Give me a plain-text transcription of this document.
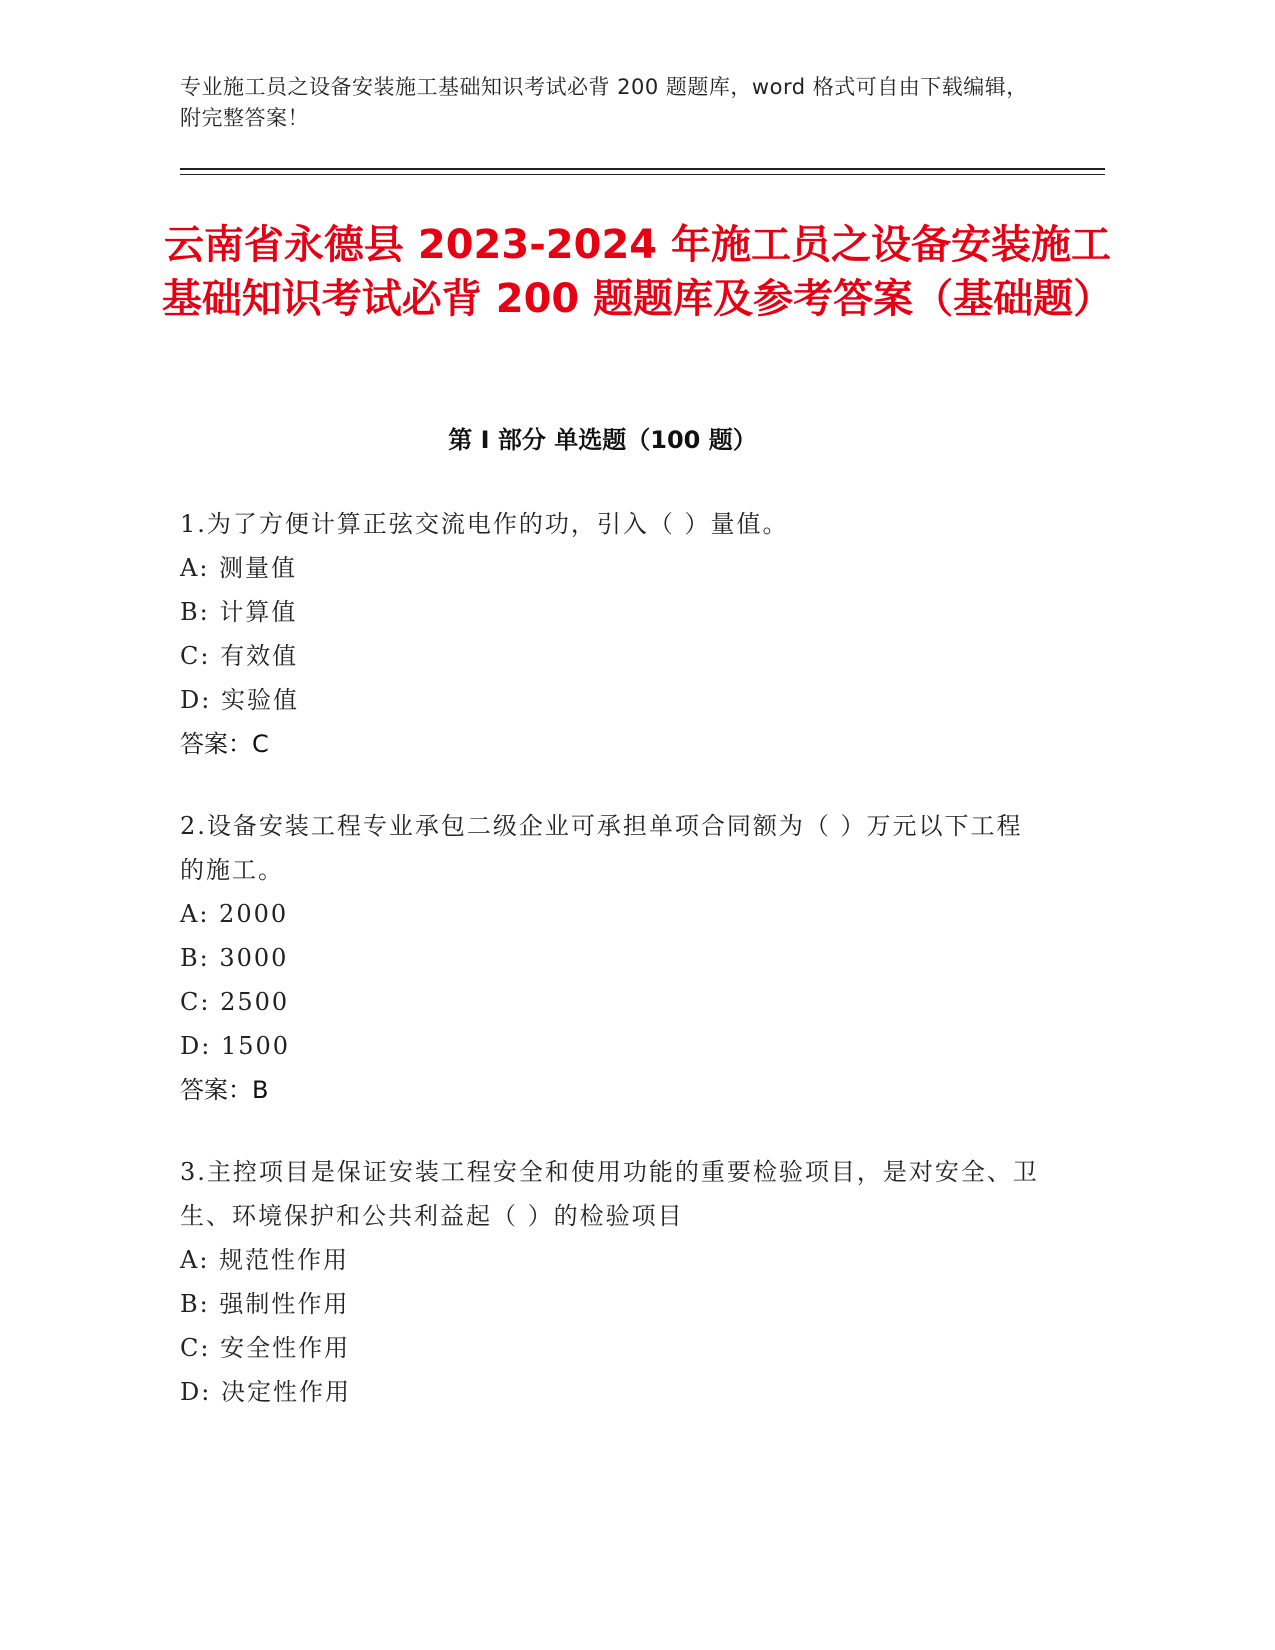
专业施工员之设备安装施工基础知识考试必背 200 题题库，word 格式可自由下载编辑，附完整答案！
云南省永德县 2023-2024 年施工员之设备安装施工基础知识考试必背 200 题题库及参考答案（基础题）
第 I 部分 单选题（100 题）
1.为了方便计算正弦交流电作的功，引入（ ）量值。
A: 测量值
B: 计算值
C: 有效值
D: 实验值
答案：C
2.设备安装工程专业承包二级企业可承担单项合同额为（ ）万元以下工程的施工。
A: 2000
B: 3000
C: 2500
D: 1500
答案：B
3.主控项目是保证安装工程安全和使用功能的重要检验项目，是对安全、卫生、环境保护和公共利益起（ ）的检验项目
A: 规范性作用
B: 强制性作用
C: 安全性作用
D: 决定性作用
